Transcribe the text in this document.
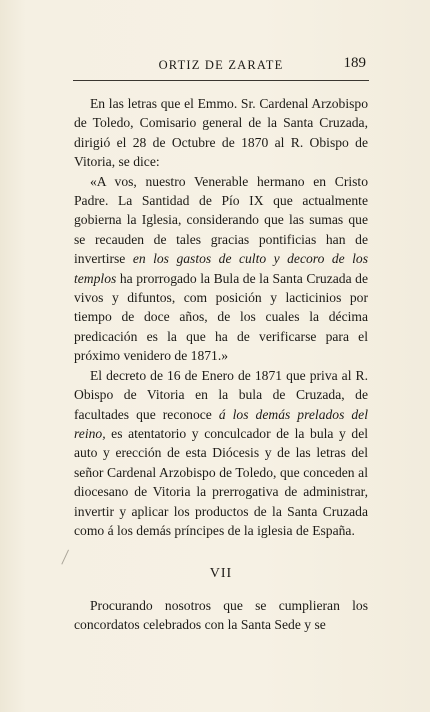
ORTIZ DE ZARATE	189

En las letras que el Emmo. Sr. Cardenal Arzobispo de Toledo, Comisario general de la Santa Cruzada, dirigió el 28 de Octubre de 1870 al R. Obispo de Vitoria, se dice:

«A vos, nuestro Venerable hermano en Cristo Padre. La Santidad de Pío IX que actualmente gobierna la Iglesia, considerando que las sumas que se recauden de tales gracias pontificias han de invertirse en los gastos de culto y decoro de los templos ha prorrogado la Bula de la Santa Cruzada de vivos y difuntos, com posición y lacticinios por tiempo de doce años, de los cuales la décima predicación es la que ha de verificarse para el próximo venidero de 1871.»

El decreto de 16 de Enero de 1871 que priva al R. Obispo de Vitoria en la bula de Cruzada, de facultades que reconoce á los demás prelados del reino, es atentatorio y conculcador de la bula y del auto y erección de esta Diócesis y de las letras del señor Cardenal Arzobispo de Toledo, que conceden al diocesano de Vitoria la prerrogativa de administrar, invertir y aplicar los productos de la Santa Cruzada como á los demás príncipes de la iglesia de España.

VII

Procurando nosotros que se cumplieran los concordatos celebrados con la Santa Sede y se
